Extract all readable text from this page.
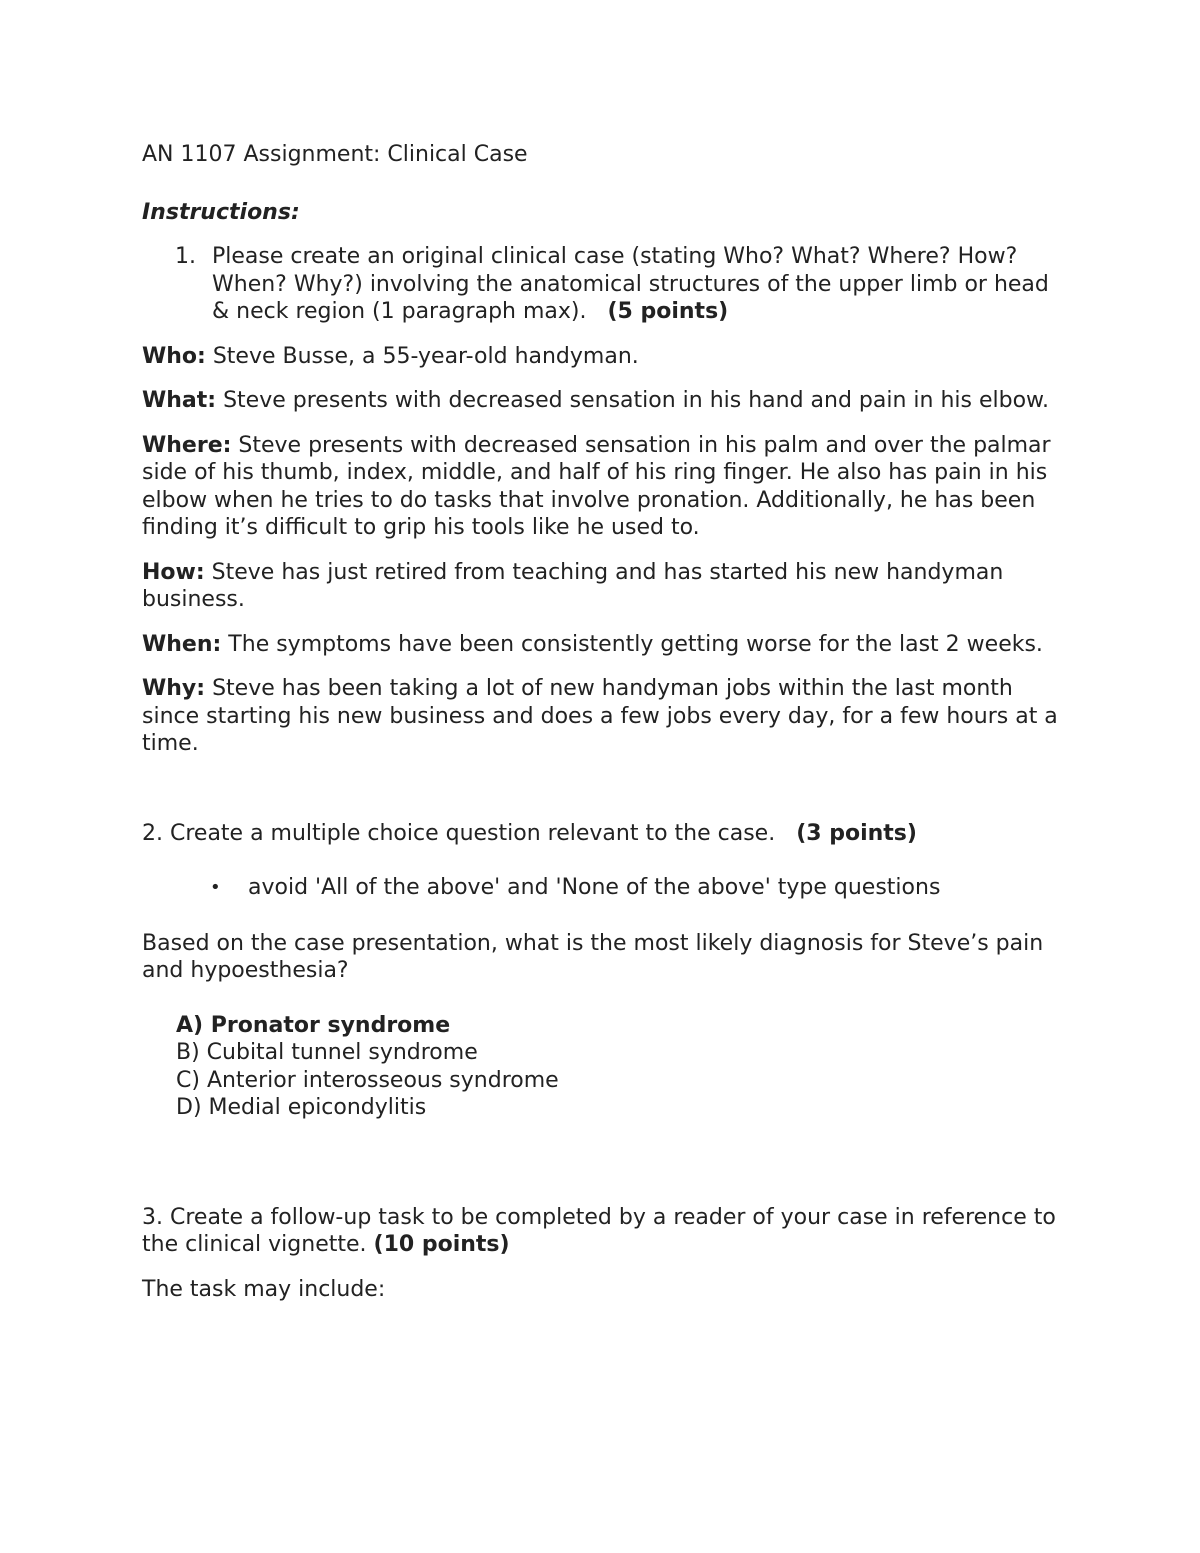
AN 1107 Assignment: Clinical Case

Instructions:

1. Please create an original clinical case (stating Who? What? Where? How? When? Why?) involving the anatomical structures of the upper limb or head & neck region (1 paragraph max). (5 points)

Who: Steve Busse, a 55-year-old handyman.

What: Steve presents with decreased sensation in his hand and pain in his elbow.

Where: Steve presents with decreased sensation in his palm and over the palmar side of his thumb, index, middle, and half of his ring finger. He also has pain in his elbow when he tries to do tasks that involve pronation. Additionally, he has been finding it’s difficult to grip his tools like he used to.

How: Steve has just retired from teaching and has started his new handyman business.

When: The symptoms have been consistently getting worse for the last 2 weeks.

Why: Steve has been taking a lot of new handyman jobs within the last month since starting his new business and does a few jobs every day, for a few hours at a time.

2. Create a multiple choice question relevant to the case. (3 points)

•	avoid 'All of the above' and 'None of the above' type questions

Based on the case presentation, what is the most likely diagnosis for Steve’s pain and hypoesthesia?

A) Pronator syndrome

B) Cubital tunnel syndrome

C) Anterior interosseous syndrome

D) Medial epicondylitis

3. Create a follow-up task to be completed by a reader of your case in reference to the clinical vignette. (10 points)

The task may include:
